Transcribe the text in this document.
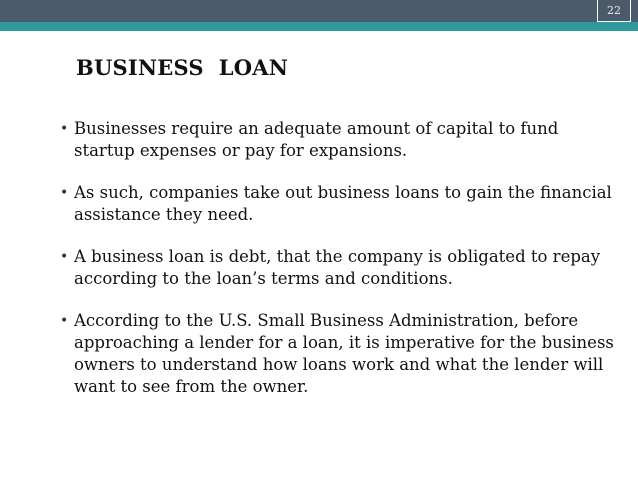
22
BUSINESS  LOAN
• Businesses require an adequate amount of capital to fund startup expenses or pay for expansions.
• As such, companies take out business loans to gain the financial assistance they need.
• A business loan is debt, that the company is obligated to repay according to the loan’s terms and conditions.
• According to the U.S. Small Business Administration, before approaching a lender for a loan, it is imperative for the business owners to understand how loans work and what the lender will want to see from the owner.
